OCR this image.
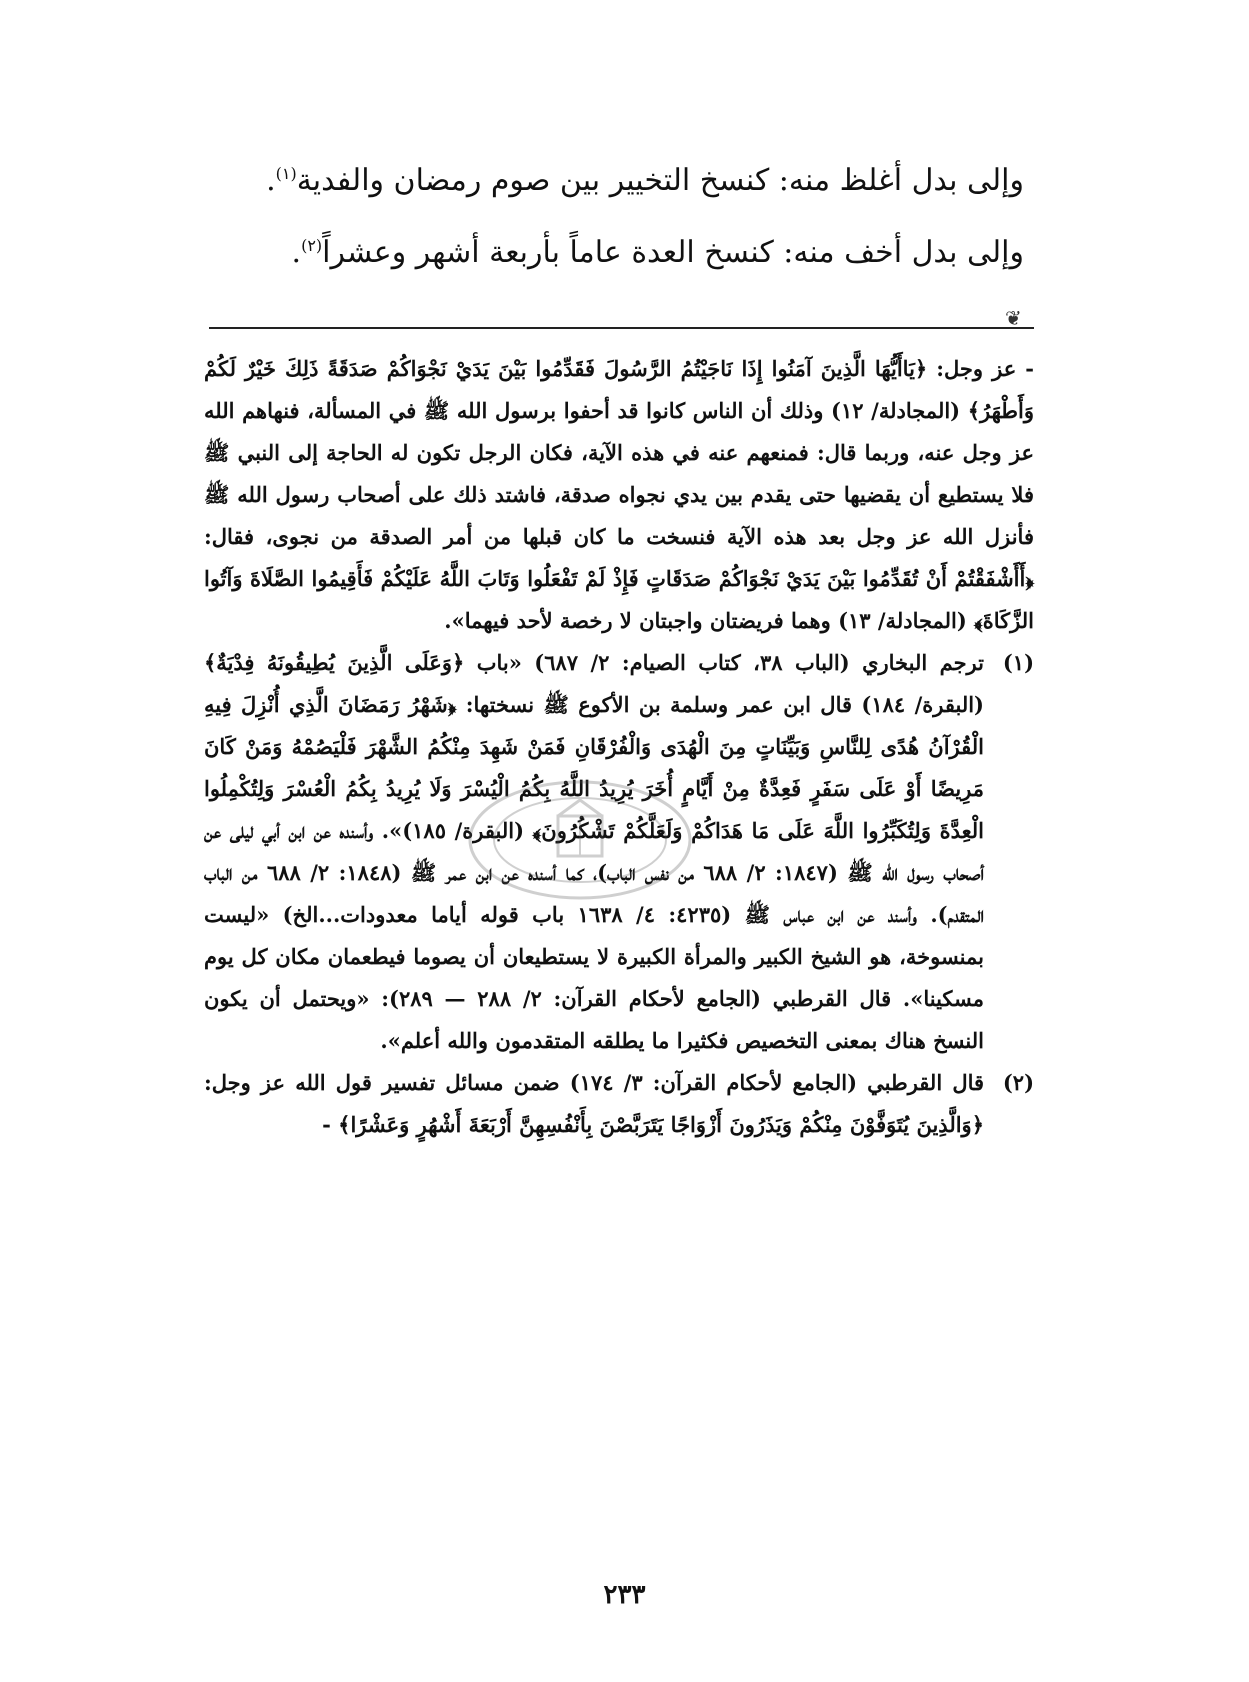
وإلى بدل أغلظ منه: كنسخ التخيير بين صوم رمضان والفدية$^{(١)}$.

وإلى بدل أخف منه: كنسخ العدة عاماً بأربعة أشهر وعشراً$^{(٢)}$.

❦

- عز وجل: ﴿يَاأَيُّهَا الَّذِينَ آمَنُوا إِذَا نَاجَيْتُمُ الرَّسُولَ فَقَدِّمُوا بَيْنَ يَدَيْ نَجْوَاكُمْ صَدَقَةً ذَلِكَ خَيْرٌ لَكُمْ وَأَطْهَرُ﴾ (المجادلة/ ١٢) وذلك أن الناس كانوا قد أحفوا برسول الله ﷺ في المسألة، فنهاهم الله عز وجل عنه، وربما قال: فمنعهم عنه في هذه الآية، فكان الرجل تكون له الحاجة إلى النبي ﷺ فلا يستطيع أن يقضيها حتى يقدم بين يدي نجواه صدقة، فاشتد ذلك على أصحاب رسول الله ﷺ فأنزل الله عز وجل بعد هذه الآية فنسخت ما كان قبلها من أمر الصدقة من نجوى، فقال: ﴿أَأَشْفَقْتُمْ أَنْ تُقَدِّمُوا بَيْنَ يَدَيْ نَجْوَاكُمْ صَدَقَاتٍ فَإِذْ لَمْ تَفْعَلُوا وَتَابَ اللَّهُ عَلَيْكُمْ فَأَقِيمُوا الصَّلَاةَ وَآتُوا الزَّكَاةَ﴾ (المجادلة/ ١٣) وهما فريضتان واجبتان لا رخصة لأحد فيهما».

(١)
ترجم البخاري (الباب ٣٨، كتاب الصيام: ٢/ ٦٨٧) «باب ﴿وَعَلَى الَّذِينَ يُطِيقُونَهُ فِدْيَةٌ﴾ (البقرة/ ١٨٤) قال ابن عمر وسلمة بن الأكوع ﷺ نسختها: ﴿شَهْرُ رَمَضَانَ الَّذِي أُنْزِلَ فِيهِ الْقُرْآنُ هُدًى لِلنَّاسِ وَبَيِّنَاتٍ مِنَ الْهُدَى وَالْفُرْقَانِ فَمَنْ شَهِدَ مِنْكُمُ الشَّهْرَ فَلْيَصُمْهُ وَمَنْ كَانَ مَرِيضًا أَوْ عَلَى سَفَرٍ فَعِدَّةٌ مِنْ أَيَّامٍ أُخَرَ يُرِيدُ اللَّهُ بِكُمُ الْيُسْرَ وَلَا يُرِيدُ بِكُمُ الْعُسْرَ وَلِتُكْمِلُوا الْعِدَّةَ وَلِتُكَبِّرُوا اللَّهَ عَلَى مَا هَدَاكُمْ وَلَعَلَّكُمْ تَشْكُرُونَ﴾ (البقرة/ ١٨٥)». وأسنده عن ابن أبي ليلى عن أصحاب رسول الله ﷺ (١٨٤٧: ٢/ ٦٨٨ من نفس الباب)، كما أسنده عن ابن عمر ﷺ (١٨٤٨: ٢/ ٦٨٨ من الباب المتقدم). وأسند عن ابن عباس ﷺ (٤٢٣٥: ٤/ ١٦٣٨ باب قوله أياما معدودات...الخ) «ليست بمنسوخة، هو الشيخ الكبير والمرأة الكبيرة لا يستطيعان أن يصوما فيطعمان مكان كل يوم مسكينا». قال القرطبي (الجامع لأحكام القرآن: ٢/ ٢٨٨ — ٢٨٩): «ويحتمل أن يكون النسخ هناك بمعنى التخصيص فكثيرا ما يطلقه المتقدمون والله أعلم».

(٢)
قال القرطبي (الجامع لأحكام القرآن: ٣/ ١٧٤) ضمن مسائل تفسير قول الله عز وجل: ﴿وَالَّذِينَ يُتَوَفَّوْنَ مِنْكُمْ وَيَذَرُونَ أَزْوَاجًا يَتَرَبَّصْنَ بِأَنْفُسِهِنَّ أَرْبَعَةَ أَشْهُرٍ وَعَشْرًا﴾ -

٢٣٣
